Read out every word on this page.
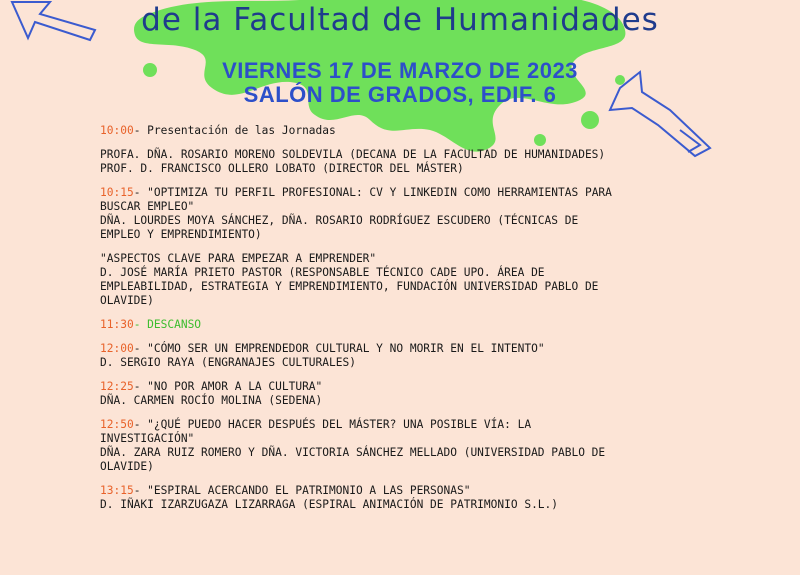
de la Facultad de Humanidades
VIERNES 17 DE MARZO DE 2023
SALÓN DE GRADOS, EDIF. 6
10:00- Presentación de las Jornadas
PROFA. DÑA. ROSARIO MORENO SOLDEVILA (DECANA DE LA FACULTAD DE HUMANIDADES)
PROF. D. FRANCISCO OLLERO LOBATO (DIRECTOR DEL MÁSTER)
10:15- "OPTIMIZA TU PERFIL PROFESIONAL: CV Y LINKEDIN COMO HERRAMIENTAS PARA BUSCAR EMPLEO"
DÑA. LOURDES MOYA SÁNCHEZ, DÑA. ROSARIO RODRÍGUEZ ESCUDERO (TÉCNICAS DE EMPLEO Y EMPRENDIMIENTO)
"ASPECTOS CLAVE PARA EMPEZAR A EMPRENDER"
D. JOSÉ MARÍA PRIETO PASTOR (RESPONSABLE TÉCNICO CADE UPO. ÁREA DE EMPLEABILIDAD, ESTRATEGIA Y EMPRENDIMIENTO, FUNDACIÓN UNIVERSIDAD PABLO DE OLAVIDE)
11:30- DESCANSO
12:00- "CÓMO SER UN EMPRENDEDOR CULTURAL Y NO MORIR EN EL INTENTO"
D. SERGIO RAYA (ENGRANAJES CULTURALES)
12:25- "NO POR AMOR A LA CULTURA"
DÑA. CARMEN ROCÍO MOLINA (SEDENA)
12:50- "¿QUÉ PUEDO HACER DESPUÉS DEL MÁSTER? UNA POSIBLE VÍA: LA INVESTIGACIÓN"
DÑA. ZARA RUIZ ROMERO Y DÑA. VICTORIA SÁNCHEZ MELLADO (UNIVERSIDAD PABLO DE OLAVIDE)
13:15- "ESPIRAL ACERCANDO EL PATRIMONIO A LAS PERSONAS"
D. IÑAKI IZARZUGAZA LIZARRAGA (ESPIRAL ANIMACIÓN DE PATRIMONIO S.L.)
